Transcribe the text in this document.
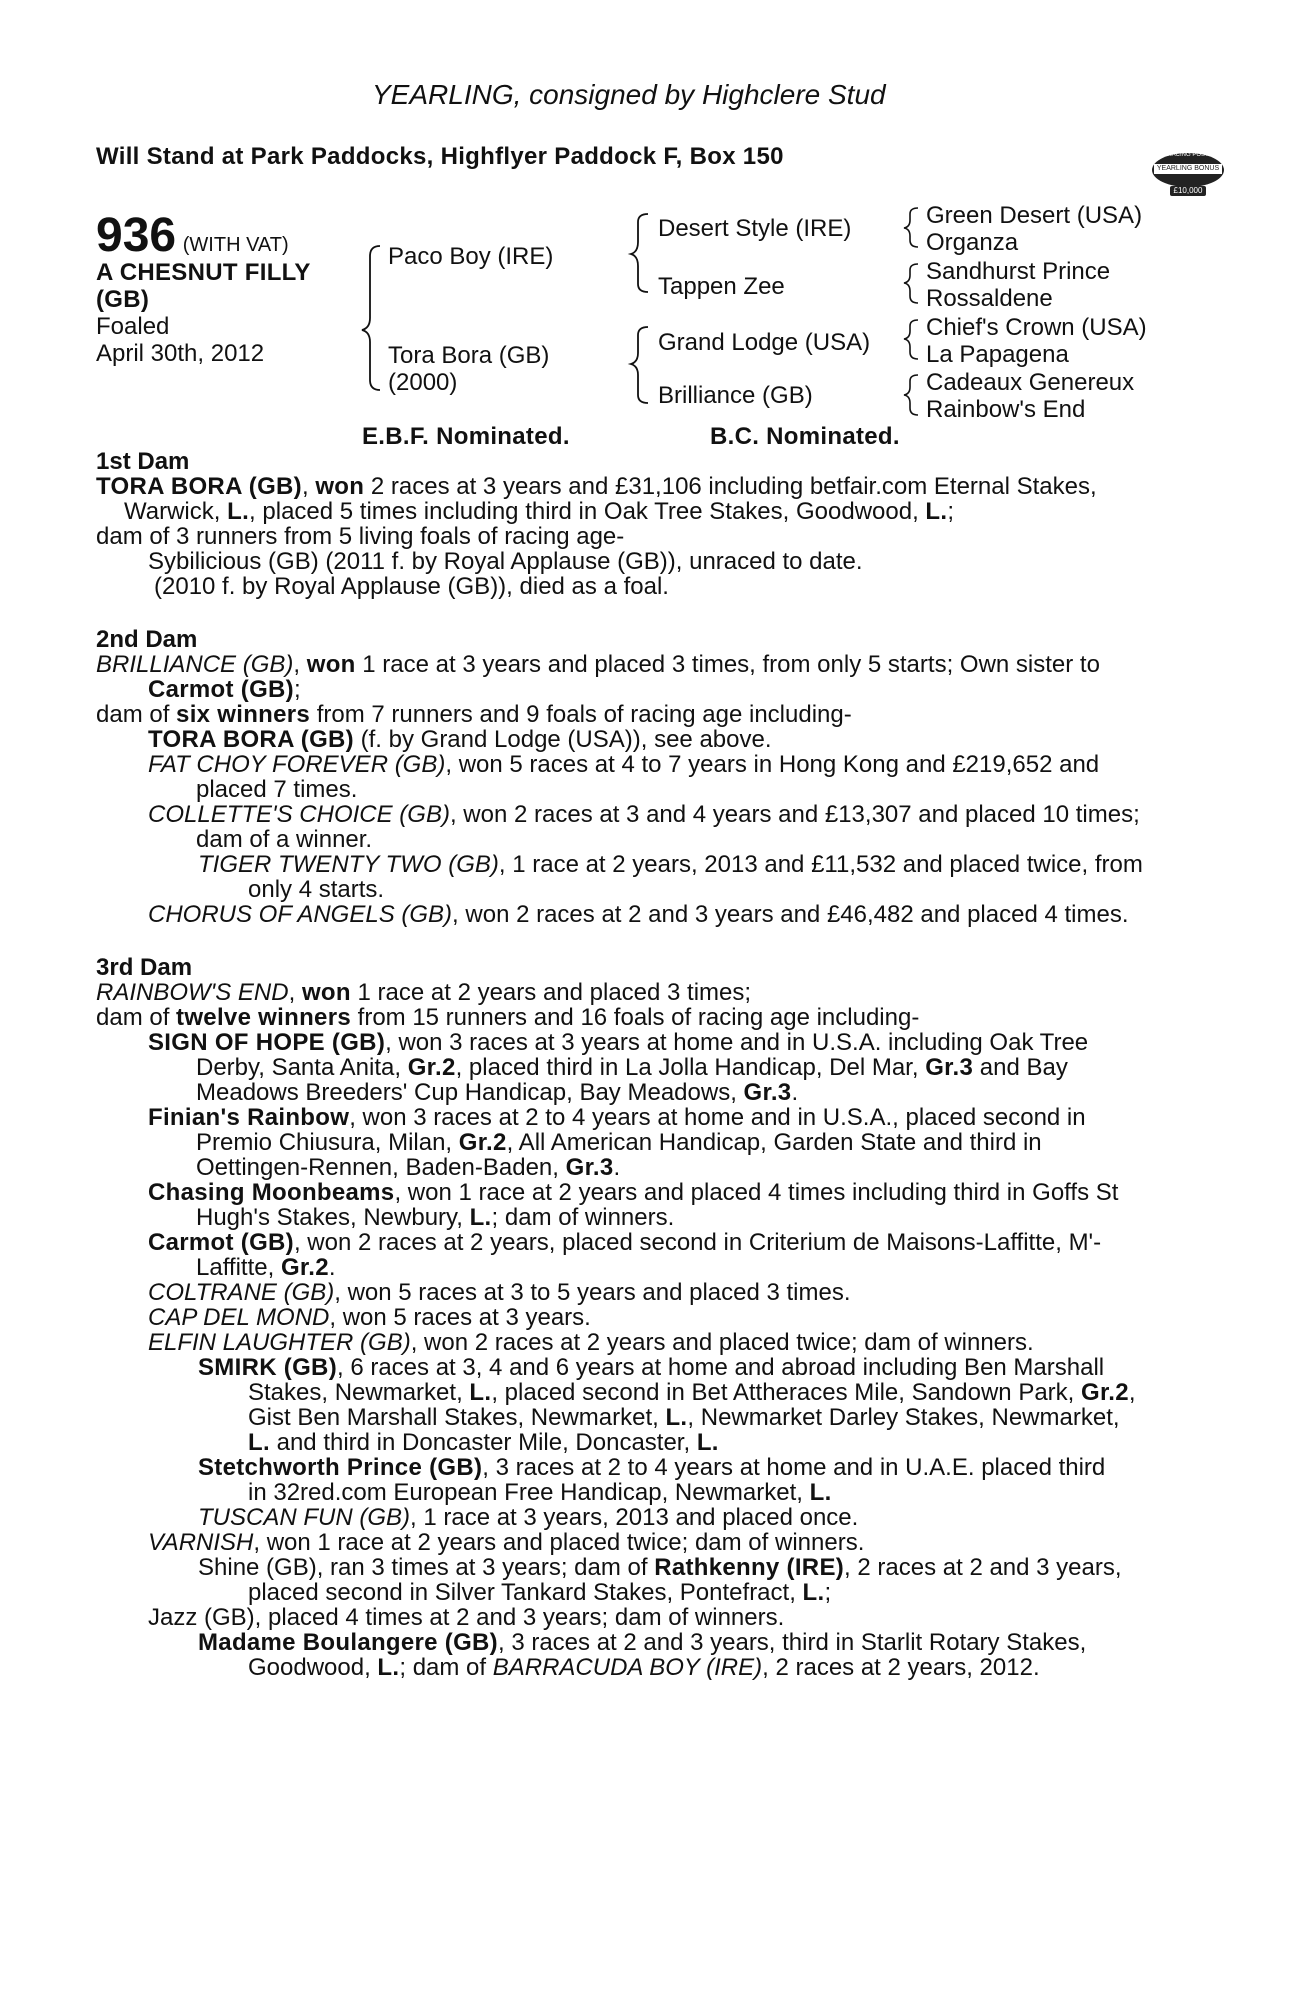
YEARLING, consigned by Highclere Stud
Will Stand at Park Paddocks, Highflyer Paddock F, Box 150	RACING POST
YEARLING BONUS
£10,000
936 (WITH VAT)
A CHESNUT FILLY
(GB)
Foaled
April 30th, 2012
Paco Boy (IRE)
Tora Bora (GB)
(2000)
Desert Style (IRE)
Tappen Zee
Grand Lodge (USA)
Brilliance (GB)
Green Desert (USA)
Organza
Sandhurst Prince
Rossaldene
Chief's Crown (USA)
La Papagena
Cadeaux Genereux
Rainbow's End
E.B.F. Nominated.	B.C. Nominated.
1st Dam
TORA BORA (GB), won 2 races at 3 years and £31,106 including betfair.com Eternal Stakes,
Warwick, L., placed 5 times including third in Oak Tree Stakes, Goodwood, L.;
dam of 3 runners from 5 living foals of racing age-
Sybilicious (GB) (2011 f. by Royal Applause (GB)), unraced to date.
(2010 f. by Royal Applause (GB)), died as a foal.
2nd Dam
BRILLIANCE (GB), won 1 race at 3 years and placed 3 times, from only 5 starts; Own sister to
Carmot (GB);
dam of six winners from 7 runners and 9 foals of racing age including-
TORA BORA (GB) (f. by Grand Lodge (USA)), see above.
FAT CHOY FOREVER (GB), won 5 races at 4 to 7 years in Hong Kong and £219,652 and
placed 7 times.
COLLETTE'S CHOICE (GB), won 2 races at 3 and 4 years and £13,307 and placed 10 times;
dam of a winner.
TIGER TWENTY TWO (GB), 1 race at 2 years, 2013 and £11,532 and placed twice, from
only 4 starts.
CHORUS OF ANGELS (GB), won 2 races at 2 and 3 years and £46,482 and placed 4 times.
3rd Dam
RAINBOW'S END, won 1 race at 2 years and placed 3 times;
dam of twelve winners from 15 runners and 16 foals of racing age including-
SIGN OF HOPE (GB), won 3 races at 3 years at home and in U.S.A. including Oak Tree
Derby, Santa Anita, Gr.2, placed third in La Jolla Handicap, Del Mar, Gr.3 and Bay
Meadows Breeders' Cup Handicap, Bay Meadows, Gr.3.
Finian's Rainbow, won 3 races at 2 to 4 years at home and in U.S.A., placed second in
Premio Chiusura, Milan, Gr.2, All American Handicap, Garden State and third in
Oettingen-Rennen, Baden-Baden, Gr.3.
Chasing Moonbeams, won 1 race at 2 years and placed 4 times including third in Goffs St
Hugh's Stakes, Newbury, L.; dam of winners.
Carmot (GB), won 2 races at 2 years, placed second in Criterium de Maisons-Laffitte, M'-
Laffitte, Gr.2.
COLTRANE (GB), won 5 races at 3 to 5 years and placed 3 times.
CAP DEL MOND, won 5 races at 3 years.
ELFIN LAUGHTER (GB), won 2 races at 2 years and placed twice; dam of winners.
SMIRK (GB), 6 races at 3, 4 and 6 years at home and abroad including Ben Marshall
Stakes, Newmarket, L., placed second in Bet Attheraces Mile, Sandown Park, Gr.2,
Gist Ben Marshall Stakes, Newmarket, L., Newmarket Darley Stakes, Newmarket,
L. and third in Doncaster Mile, Doncaster, L.
Stetchworth Prince (GB), 3 races at 2 to 4 years at home and in U.A.E. placed third
in 32red.com European Free Handicap, Newmarket, L.
TUSCAN FUN (GB), 1 race at 3 years, 2013 and placed once.
VARNISH, won 1 race at 2 years and placed twice; dam of winners.
Shine (GB), ran 3 times at 3 years; dam of Rathkenny (IRE), 2 races at 2 and 3 years,
placed second in Silver Tankard Stakes, Pontefract, L.;
Jazz (GB), placed 4 times at 2 and 3 years; dam of winners.
Madame Boulangere (GB), 3 races at 2 and 3 years, third in Starlit Rotary Stakes,
Goodwood, L.; dam of BARRACUDA BOY (IRE), 2 races at 2 years, 2012.
